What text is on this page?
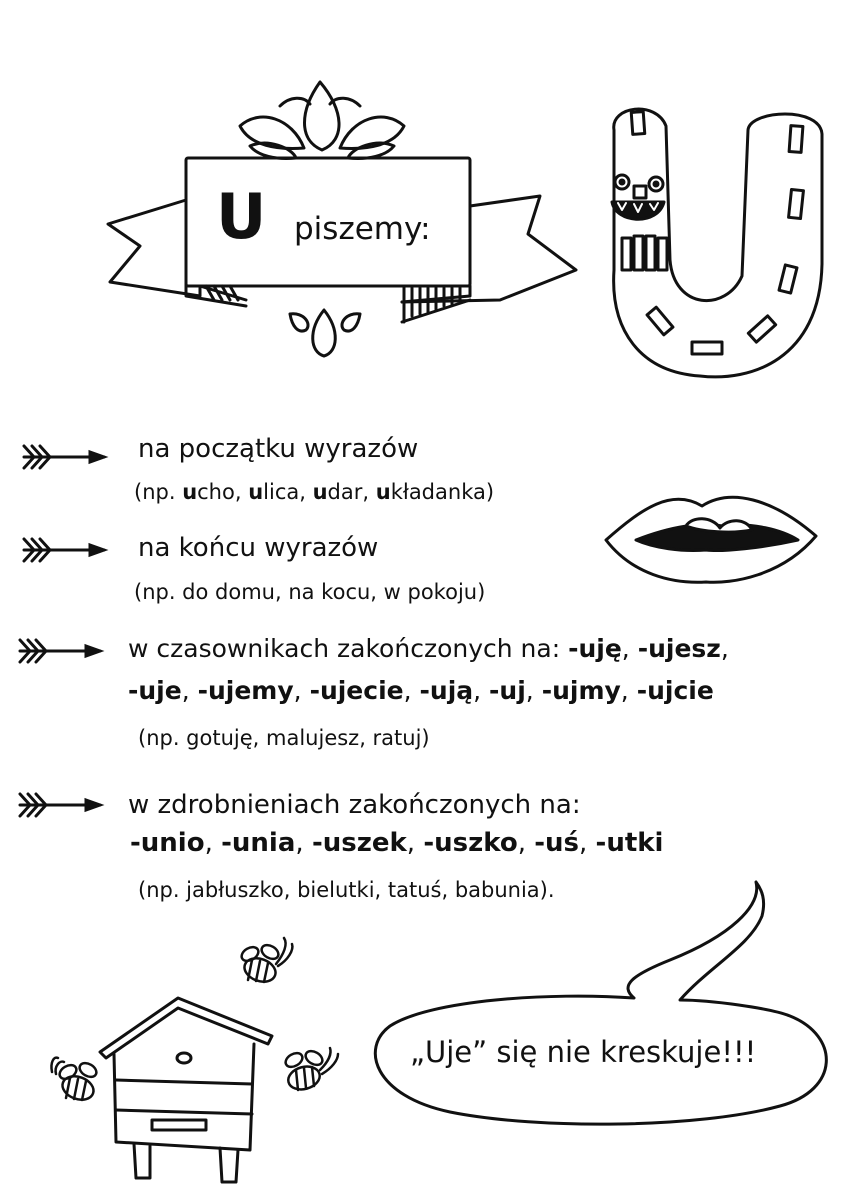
U piszemy:
na początku wyrazów
(np. ucho, ulica, udar, układanka)
na końcu wyrazów
(np. do domu, na kocu, w pokoju)
w czasownikach zakończonych na: -uję, -ujesz,
-uje, -ujemy, -ujecie, -ują, -uj, -ujmy, -ujcie
(np. gotuję, malujesz, ratuj)
w zdrobnieniach zakończonych na:
-unio, -unia, -uszek, -uszko, -uś, -utki
(np. jabłuszko, bielutki, tatuś, babunia).
„Uje” się nie kreskuje!!!
